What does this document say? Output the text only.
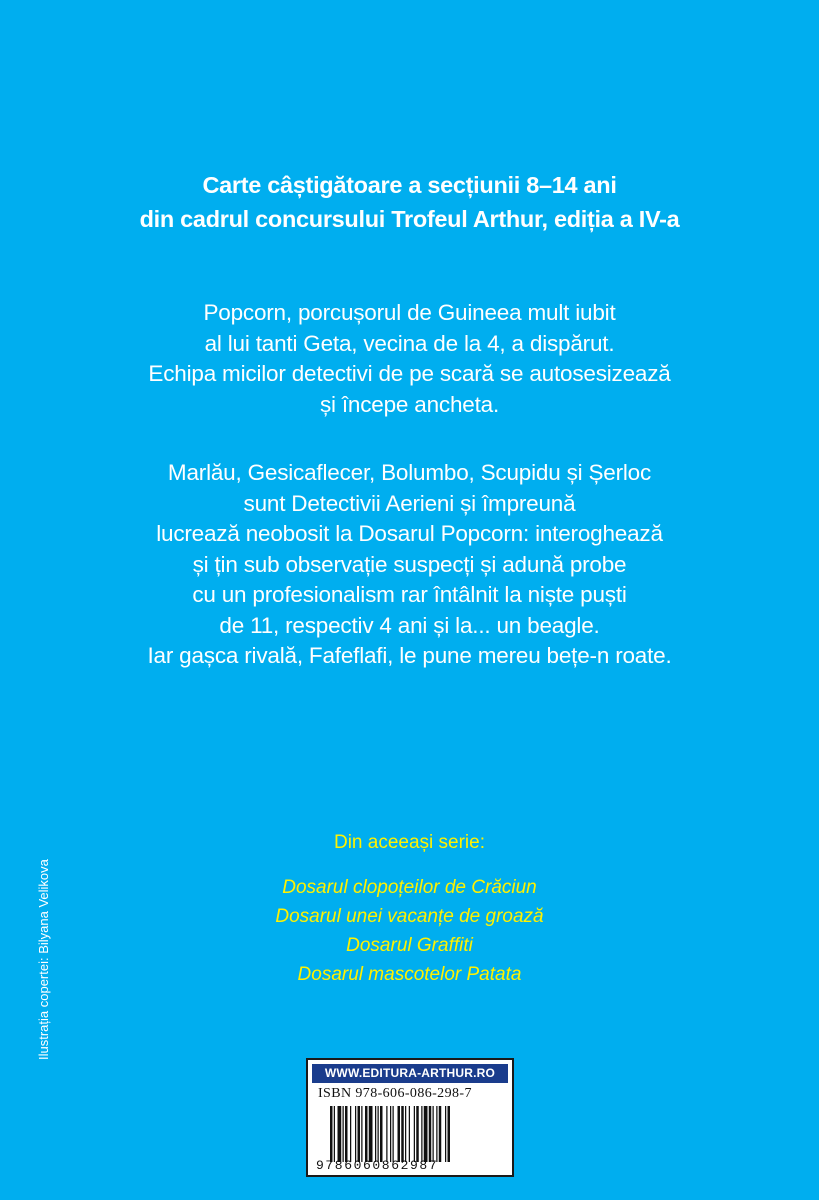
Carte câștigătoare a secțiunii 8–14 ani
din cadrul concursului Trofeul Arthur, ediția a IV-a
Popcorn, porcușorul de Guineea mult iubit
al lui tanti Geta, vecina de la 4, a dispărut.
Echipa micilor detectivi de pe scară se autosesizează
și începe ancheta.
Marlău, Gesicaflecer, Bolumbo, Scupidu și Șerloc
sunt Detectivii Aerieni și împreună
lucrează neobosit la Dosarul Popcorn: interoghează
și țin sub observație suspecți și adună probe
cu un profesionalism rar întâlnit la niște puști
de 11, respectiv 4 ani și la... un beagle.
Iar gașca rivală, Fafeflafi, le pune mereu bețe-n roate.
Din aceeași serie:
Dosarul clopoțeilor de Crăciun
Dosarul unei vacanțe de groază
Dosarul Graffiti
Dosarul mascotelor Patata
Ilustrația copertei: Bilyana Velikova
WWW.EDITURA-ARTHUR.RO
ISBN 978-606-086-298-7
9786060862987
